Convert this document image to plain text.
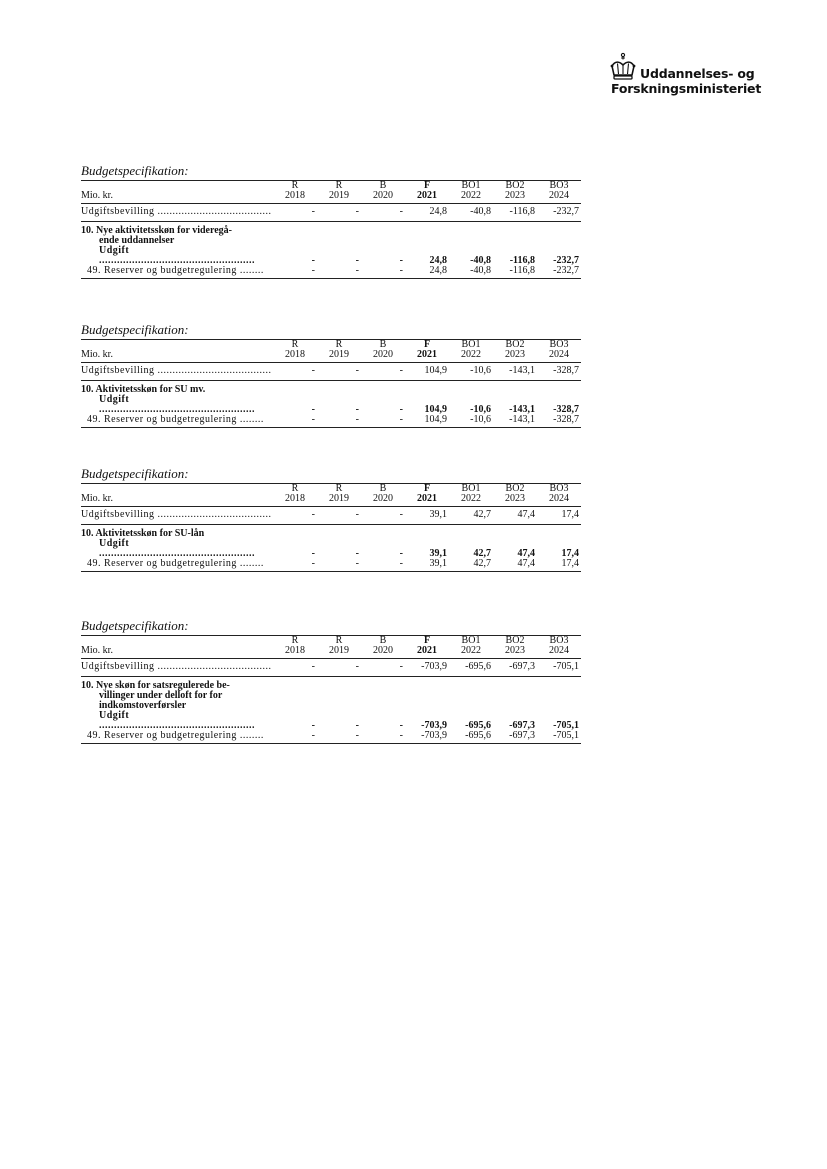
Uddannelses- og
Forskningsministeriet
Budgetspecifikation:
	R	R	B	F	BO1	BO2	BO3
Mio. kr.	2018	2019	2020	2021	2022	2023	2024
Udgiftsbevilling ......................................	-	-	-	24,8	-40,8	-116,8	-232,7

10. Nye aktivitetsskøn for videregå-
ende uddannelser							

Udgift ....................................................	-	-	-	24,8	-40,8	-116,8	-232,7
49. Reserver og budgetregulering ........	-	-	-	24,8	-40,8	-116,8	-232,7
Budgetspecifikation:
	R	R	B	F	BO1	BO2	BO3
Mio. kr.	2018	2019	2020	2021	2022	2023	2024
Udgiftsbevilling ......................................	-	-	-	104,9	-10,6	-143,1	-328,7

10. Aktivitetsskøn for SU mv.							

Udgift ....................................................	-	-	-	104,9	-10,6	-143,1	-328,7
49. Reserver og budgetregulering ........	-	-	-	104,9	-10,6	-143,1	-328,7
Budgetspecifikation:
	R	R	B	F	BO1	BO2	BO3
Mio. kr.	2018	2019	2020	2021	2022	2023	2024
Udgiftsbevilling ......................................	-	-	-	39,1	42,7	47,4	17,4

10. Aktivitetsskøn for SU-lån							

Udgift ....................................................	-	-	-	39,1	42,7	47,4	17,4
49. Reserver og budgetregulering ........	-	-	-	39,1	42,7	47,4	17,4
Budgetspecifikation:
	R	R	B	F	BO1	BO2	BO3
Mio. kr.	2018	2019	2020	2021	2022	2023	2024
Udgiftsbevilling ......................................	-	-	-	-703,9	-695,6	-697,3	-705,1

10. Nye skøn for satsregulerede be-
villinger under delloft for for
indkomstoverførsler							

Udgift ....................................................	-	-	-	-703,9	-695,6	-697,3	-705,1
49. Reserver og budgetregulering ........	-	-	-	-703,9	-695,6	-697,3	-705,1
